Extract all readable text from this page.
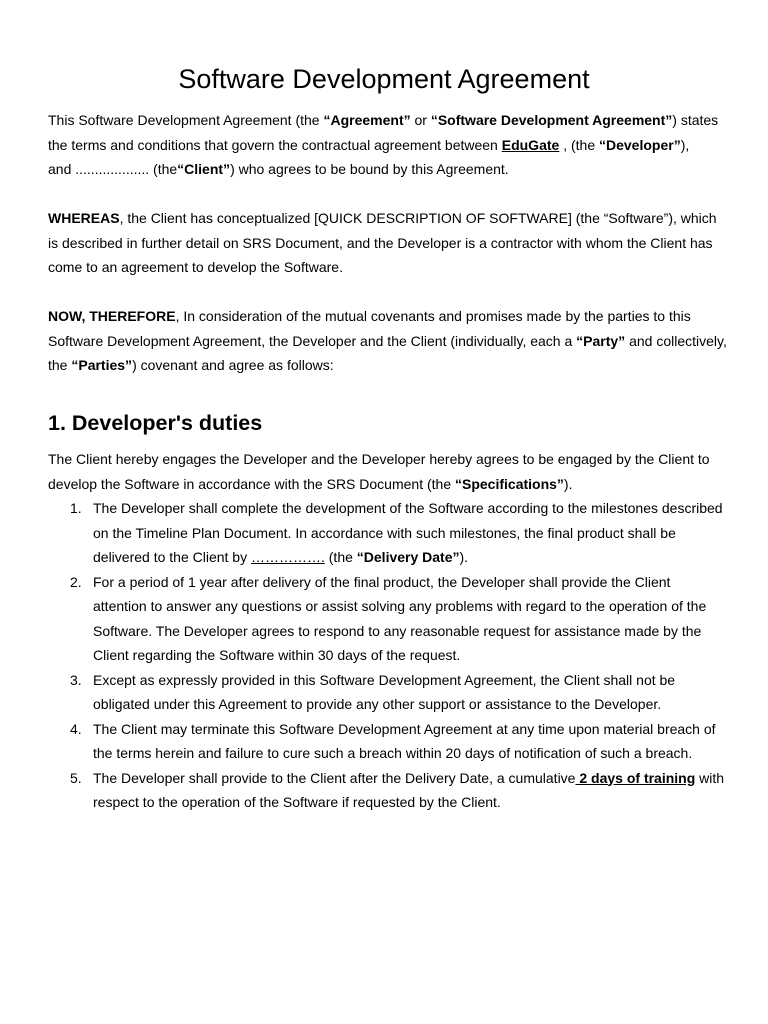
Software Development Agreement

This Software Development Agreement (the “Agreement” or “Software Development Agreement”) states the terms and conditions that govern the contractual agreement between EduGate , (the “Developer”),
and ................... (the“Client”) who agrees to be bound by this Agreement.

WHEREAS, the Client has conceptualized [QUICK DESCRIPTION OF SOFTWARE] (the “Software”), which is described in further detail on SRS Document, and the Developer is a contractor with whom the Client has come to an agreement to develop the Software.

NOW, THEREFORE, In consideration of the mutual covenants and promises made by the parties to this Software Development Agreement, the Developer and the Client (individually, each a “Party” and collectively, the “Parties”) covenant and agree as follows:

1. Developer's duties

The Client hereby engages the Developer and the Developer hereby agrees to be engaged by the Client to develop the Software in accordance with the SRS Document (the “Specifications”).

1. The Developer shall complete the development of the Software according to the milestones described on the Timeline Plan Document. In accordance with such milestones, the final product shall be delivered to the Client by ……………. (the “Delivery Date”).
2. For a period of 1 year after delivery of the final product, the Developer shall provide the Client attention to answer any questions or assist solving any problems with regard to the operation of the Software. The Developer agrees to respond to any reasonable request for assistance made by the Client regarding the Software within 30 days of the request.
3. Except as expressly provided in this Software Development Agreement, the Client shall not be obligated under this Agreement to provide any other support or assistance to the Developer.
4. The Client may terminate this Software Development Agreement at any time upon material breach of the terms herein and failure to cure such a breach within 20 days of notification of such a breach.
5. The Developer shall provide to the Client after the Delivery Date, a cumulative 2 days of training with respect to the operation of the Software if requested by the Client.
